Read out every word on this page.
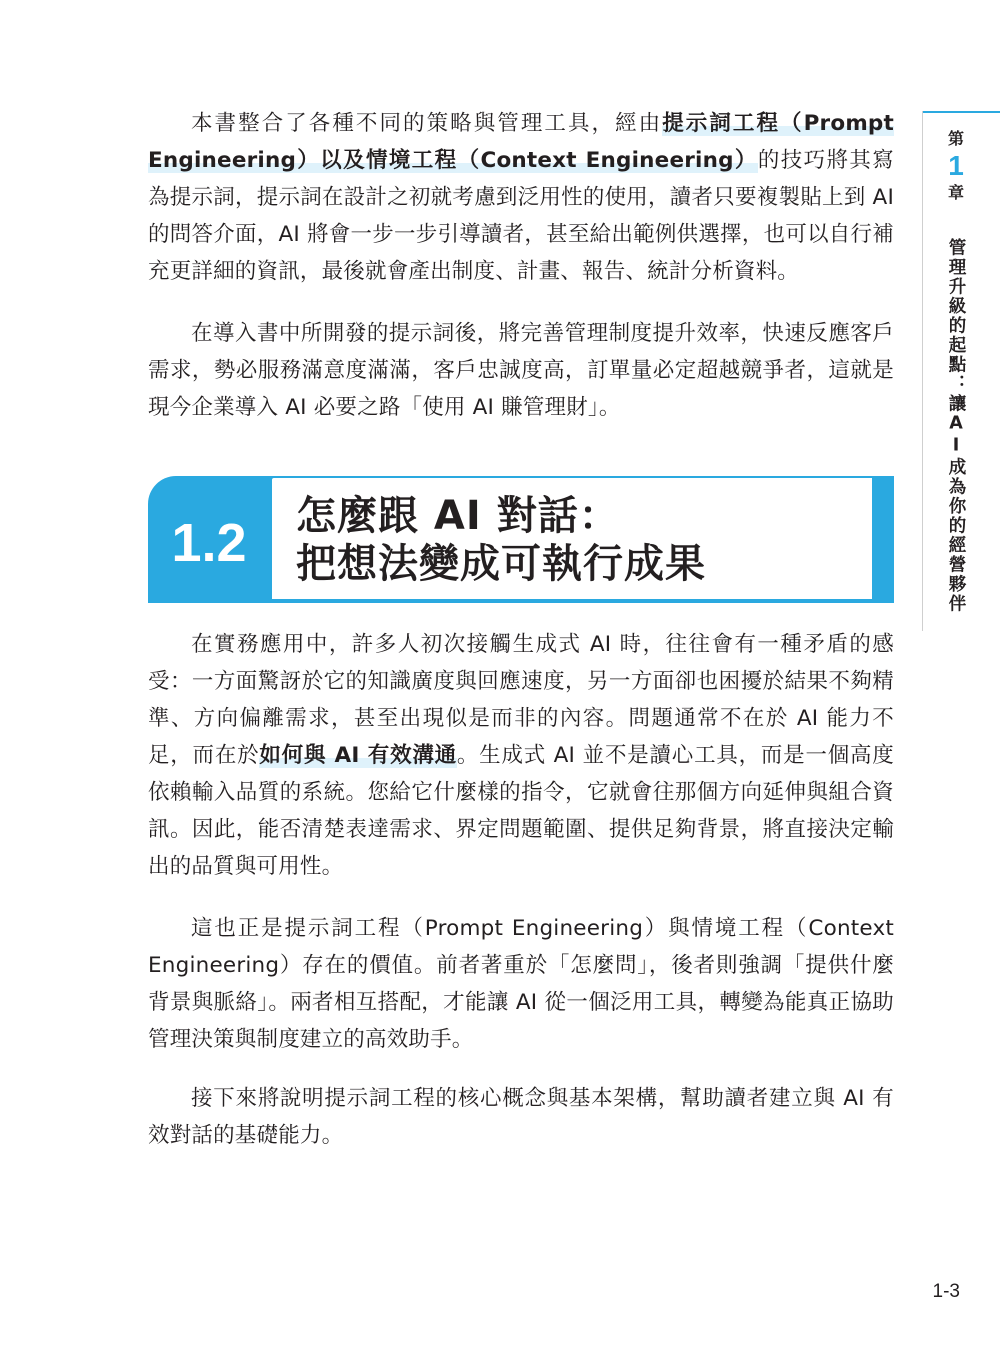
本書整合了各種不同的策略與管理工具，經由提示詞工程（Prompt Engineering）以及情境工程（Context Engineering）的技巧將其寫為提示詞，提示詞在設計之初就考慮到泛用性的使用，讀者只要複製貼上到 AI 的問答介面，AI 將會一步一步引導讀者，甚至給出範例供選擇，也可以自行補充更詳細的資訊，最後就會產出制度、計畫、報告、統計分析資料。

在導入書中所開發的提示詞後，將完善管理制度提升效率，快速反應客戶需求，勢必服務滿意度滿滿，客戶忠誠度高，訂單量必定超越競爭者，這就是現今企業導入 AI 必要之路「使用 AI 賺管理財」。

1.2	怎麼跟 AI 對話：
把想法變成可執行成果

在實務應用中，許多人初次接觸生成式 AI 時，往往會有一種矛盾的感受：一方面驚訝於它的知識廣度與回應速度，另一方面卻也困擾於結果不夠精準、方向偏離需求，甚至出現似是而非的內容。問題通常不在於 AI 能力不足，而在於如何與 AI 有效溝通。生成式 AI 並不是讀心工具，而是一個高度依賴輸入品質的系統。您給它什麼樣的指令，它就會往那個方向延伸與組合資訊。因此，能否清楚表達需求、界定問題範圍、提供足夠背景，將直接決定輸出的品質與可用性。

這也正是提示詞工程（Prompt Engineering）與情境工程（Context Engineering）存在的價值。前者著重於「怎麼問」，後者則強調「提供什麼背景與脈絡」。兩者相互搭配，才能讓 AI 從一個泛用工具，轉變為能真正協助管理決策與制度建立的高效助手。

接下來將說明提示詞工程的核心概念與基本架構，幫助讀者建立與 AI 有效對話的基礎能力。

第
1
章
管理升級的起點：讓AI成為你的經營夥伴
1-3
